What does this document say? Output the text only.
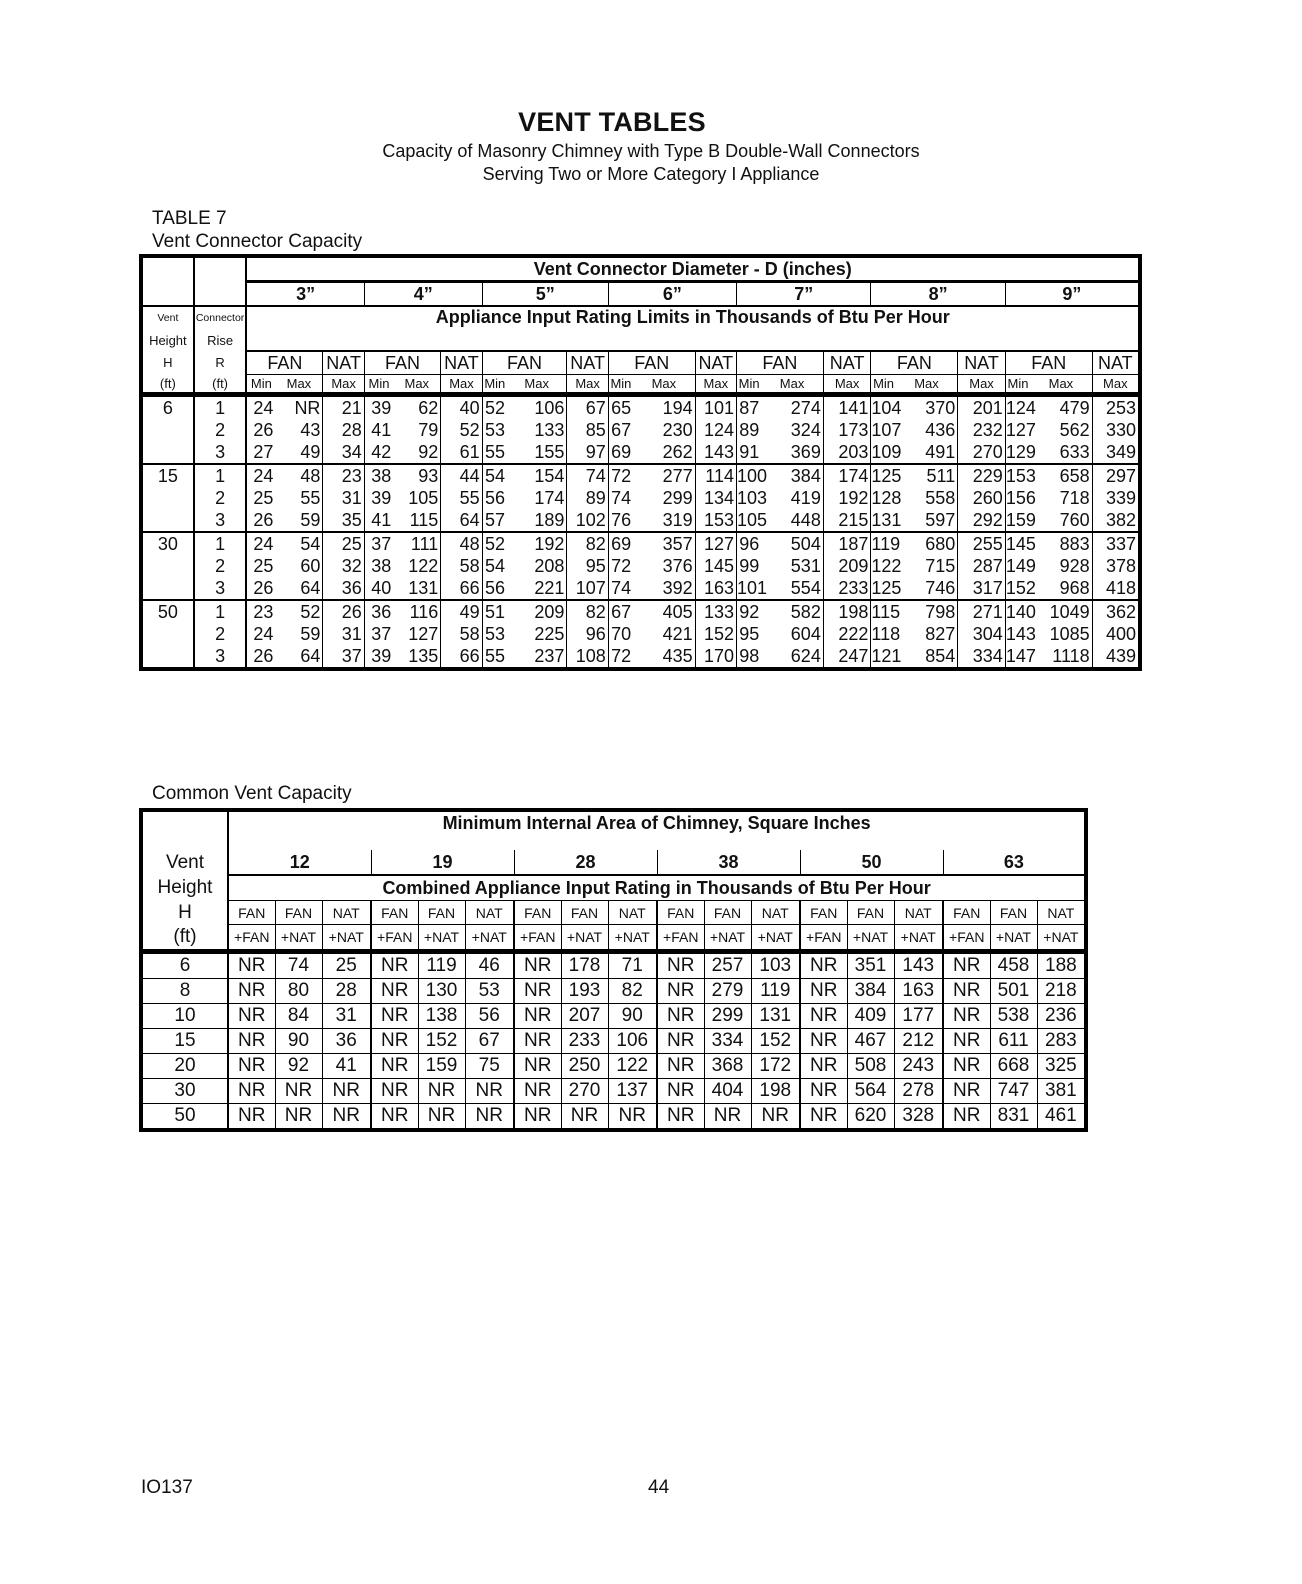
VENT TABLES
Capacity of Masonry Chimney with Type B Double-Wall Connectors
Serving Two or More Category I Appliance
TABLE 7
Vent Connector Capacity
		Vent Connector Diameter - D (inches)																				
		3”			4”			5”			6”			7”			8”			9”		
Vent	Connector	Appliance Input Rating Limits in Thousands of Btu Per Hour																				
Height	Rise																					
H	R	FAN		NAT	FAN		NAT	FAN		NAT	FAN		NAT	FAN		NAT	FAN		NAT	FAN		NAT
(ft)	(ft)	Min	Max	Max	Min	Max	Max	Min	Max	Max	Min	Max	Max	Min	Max	Max	Min	Max	Max	Min	Max	Max
6	1	24	NR	21	39	62	40	52	106	67	65	194	101	87	274	141	104	370	201	124	479	253
	2	26	43	28	41	79	52	53	133	85	67	230	124	89	324	173	107	436	232	127	562	330
	3	27	49	34	42	92	61	55	155	97	69	262	143	91	369	203	109	491	270	129	633	349
15	1	24	48	23	38	93	44	54	154	74	72	277	114	100	384	174	125	511	229	153	658	297
	2	25	55	31	39	105	55	56	174	89	74	299	134	103	419	192	128	558	260	156	718	339
	3	26	59	35	41	115	64	57	189	102	76	319	153	105	448	215	131	597	292	159	760	382
30	1	24	54	25	37	111	48	52	192	82	69	357	127	96	504	187	119	680	255	145	883	337
	2	25	60	32	38	122	58	54	208	95	72	376	145	99	531	209	122	715	287	149	928	378
	3	26	64	36	40	131	66	56	221	107	74	392	163	101	554	233	125	746	317	152	968	418
50	1	23	52	26	36	116	49	51	209	82	67	405	133	92	582	198	115	798	271	140	1049	362
	2	24	59	31	37	127	58	53	225	96	70	421	152	95	604	222	118	827	304	143	1085	400
	3	26	64	37	39	135	66	55	237	108	72	435	170	98	624	247	121	854	334	147	1118	439
Common Vent Capacity
	Minimum Internal Area of Chimney, Square Inches																	

Vent	12			19			28			38			50			63		
Height	Combined Appliance Input Rating in Thousands of Btu Per Hour																	
H	FAN	FAN	NAT	FAN	FAN	NAT	FAN	FAN	NAT	FAN	FAN	NAT	FAN	FAN	NAT	FAN	FAN	NAT
(ft)	+FAN	+NAT	+NAT	+FAN	+NAT	+NAT	+FAN	+NAT	+NAT	+FAN	+NAT	+NAT	+FAN	+NAT	+NAT	+FAN	+NAT	+NAT
6	NR	74	25	NR	119	46	NR	178	71	NR	257	103	NR	351	143	NR	458	188
8	NR	80	28	NR	130	53	NR	193	82	NR	279	119	NR	384	163	NR	501	218
10	NR	84	31	NR	138	56	NR	207	90	NR	299	131	NR	409	177	NR	538	236
15	NR	90	36	NR	152	67	NR	233	106	NR	334	152	NR	467	212	NR	611	283
20	NR	92	41	NR	159	75	NR	250	122	NR	368	172	NR	508	243	NR	668	325
30	NR	NR	NR	NR	NR	NR	NR	270	137	NR	404	198	NR	564	278	NR	747	381
50	NR	NR	NR	NR	NR	NR	NR	NR	NR	NR	NR	NR	NR	620	328	NR	831	461
IO137	44
